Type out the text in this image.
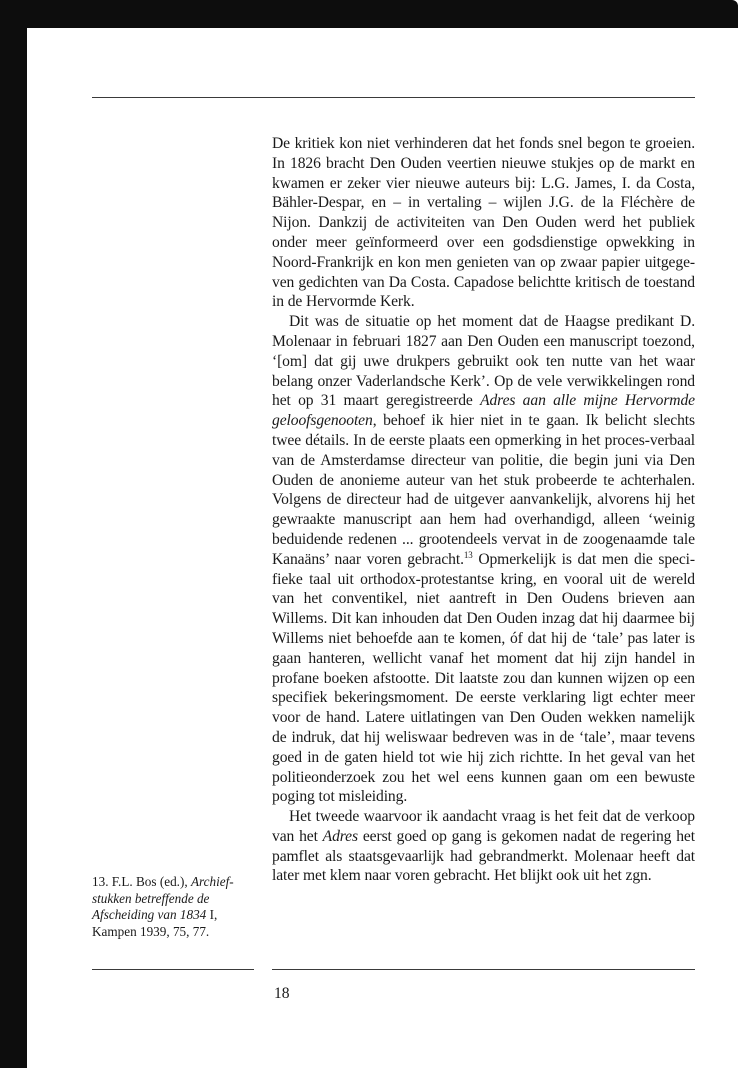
De kritiek kon niet verhinderen dat het fonds snel begon te groeien. In 1826 bracht Den Ouden veertien nieuwe stukjes op de markt en kwamen er zeker vier nieuwe auteurs bij: L.G. James, I. da Costa, Bähler-Despar, en – in vertaling – wijlen J.G. de la Fléchère de Nijon. Dankzij de activiteiten van Den Ouden werd het publiek onder meer geïnformeerd over een godsdienstige opwekking in Noord-Frankrijk en kon men genieten van op zwaar papier uitgege-ven gedichten van Da Costa. Capadose belichtte kritisch de toestand in de Hervormde Kerk.

Dit was de situatie op het moment dat de Haagse predikant D. Molenaar in februari 1827 aan Den Ouden een manuscript toezond, ‘[om] dat gij uwe drukpers gebruikt ook ten nutte van het waar belang onzer Vaderlandsche Kerk’. Op de vele verwikkelingen rond het op 31 maart geregistreerde Adres aan alle mijne Hervormde geloofsgenooten, behoef ik hier niet in te gaan. Ik belicht slechts twee détails. In de eerste plaats een opmerking in het proces-verbaal van de Amsterdamse directeur van politie, die begin juni via Den Ouden de anonieme auteur van het stuk probeerde te achterhalen. Volgens de directeur had de uitgever aanvankelijk, alvorens hij het gewraakte manuscript aan hem had overhandigd, alleen ‘weinig beduidende redenen ... grootendeels vervat in de zoogenaamde tale Kanaäns’ naar voren gebracht.$^{13}$ Opmerkelijk is dat men die speci-fieke taal uit orthodox-protestantse kring, en vooral uit de wereld van het conventikel, niet aantreft in Den Oudens brieven aan Willems. Dit kan inhouden dat Den Ouden inzag dat hij daarmee bij Willems niet behoefde aan te komen, óf dat hij de ‘tale’ pas later is gaan hanteren, wellicht vanaf het moment dat hij zijn handel in profane boeken afstootte. Dit laatste zou dan kunnen wijzen op een specifiek bekeringsmoment. De eerste verklaring ligt echter meer voor de hand. Latere uitlatingen van Den Ouden wekken namelijk de indruk, dat hij weliswaar bedreven was in de ‘tale’, maar tevens goed in de gaten hield tot wie hij zich richtte. In het geval van het politieonderzoek zou het wel eens kunnen gaan om een bewuste poging tot misleiding.

Het tweede waarvoor ik aandacht vraag is het feit dat de verkoop van het Adres eerst goed op gang is gekomen nadat de regering het pamflet als staatsgevaarlijk had gebrandmerkt. Molenaar heeft dat later met klem naar voren gebracht. Het blijkt ook uit het zgn.

13. F.L. Bos (ed.), Archief-stukken betreffende de Afscheiding van 1834 I, Kampen 1939, 75, 77.
18
